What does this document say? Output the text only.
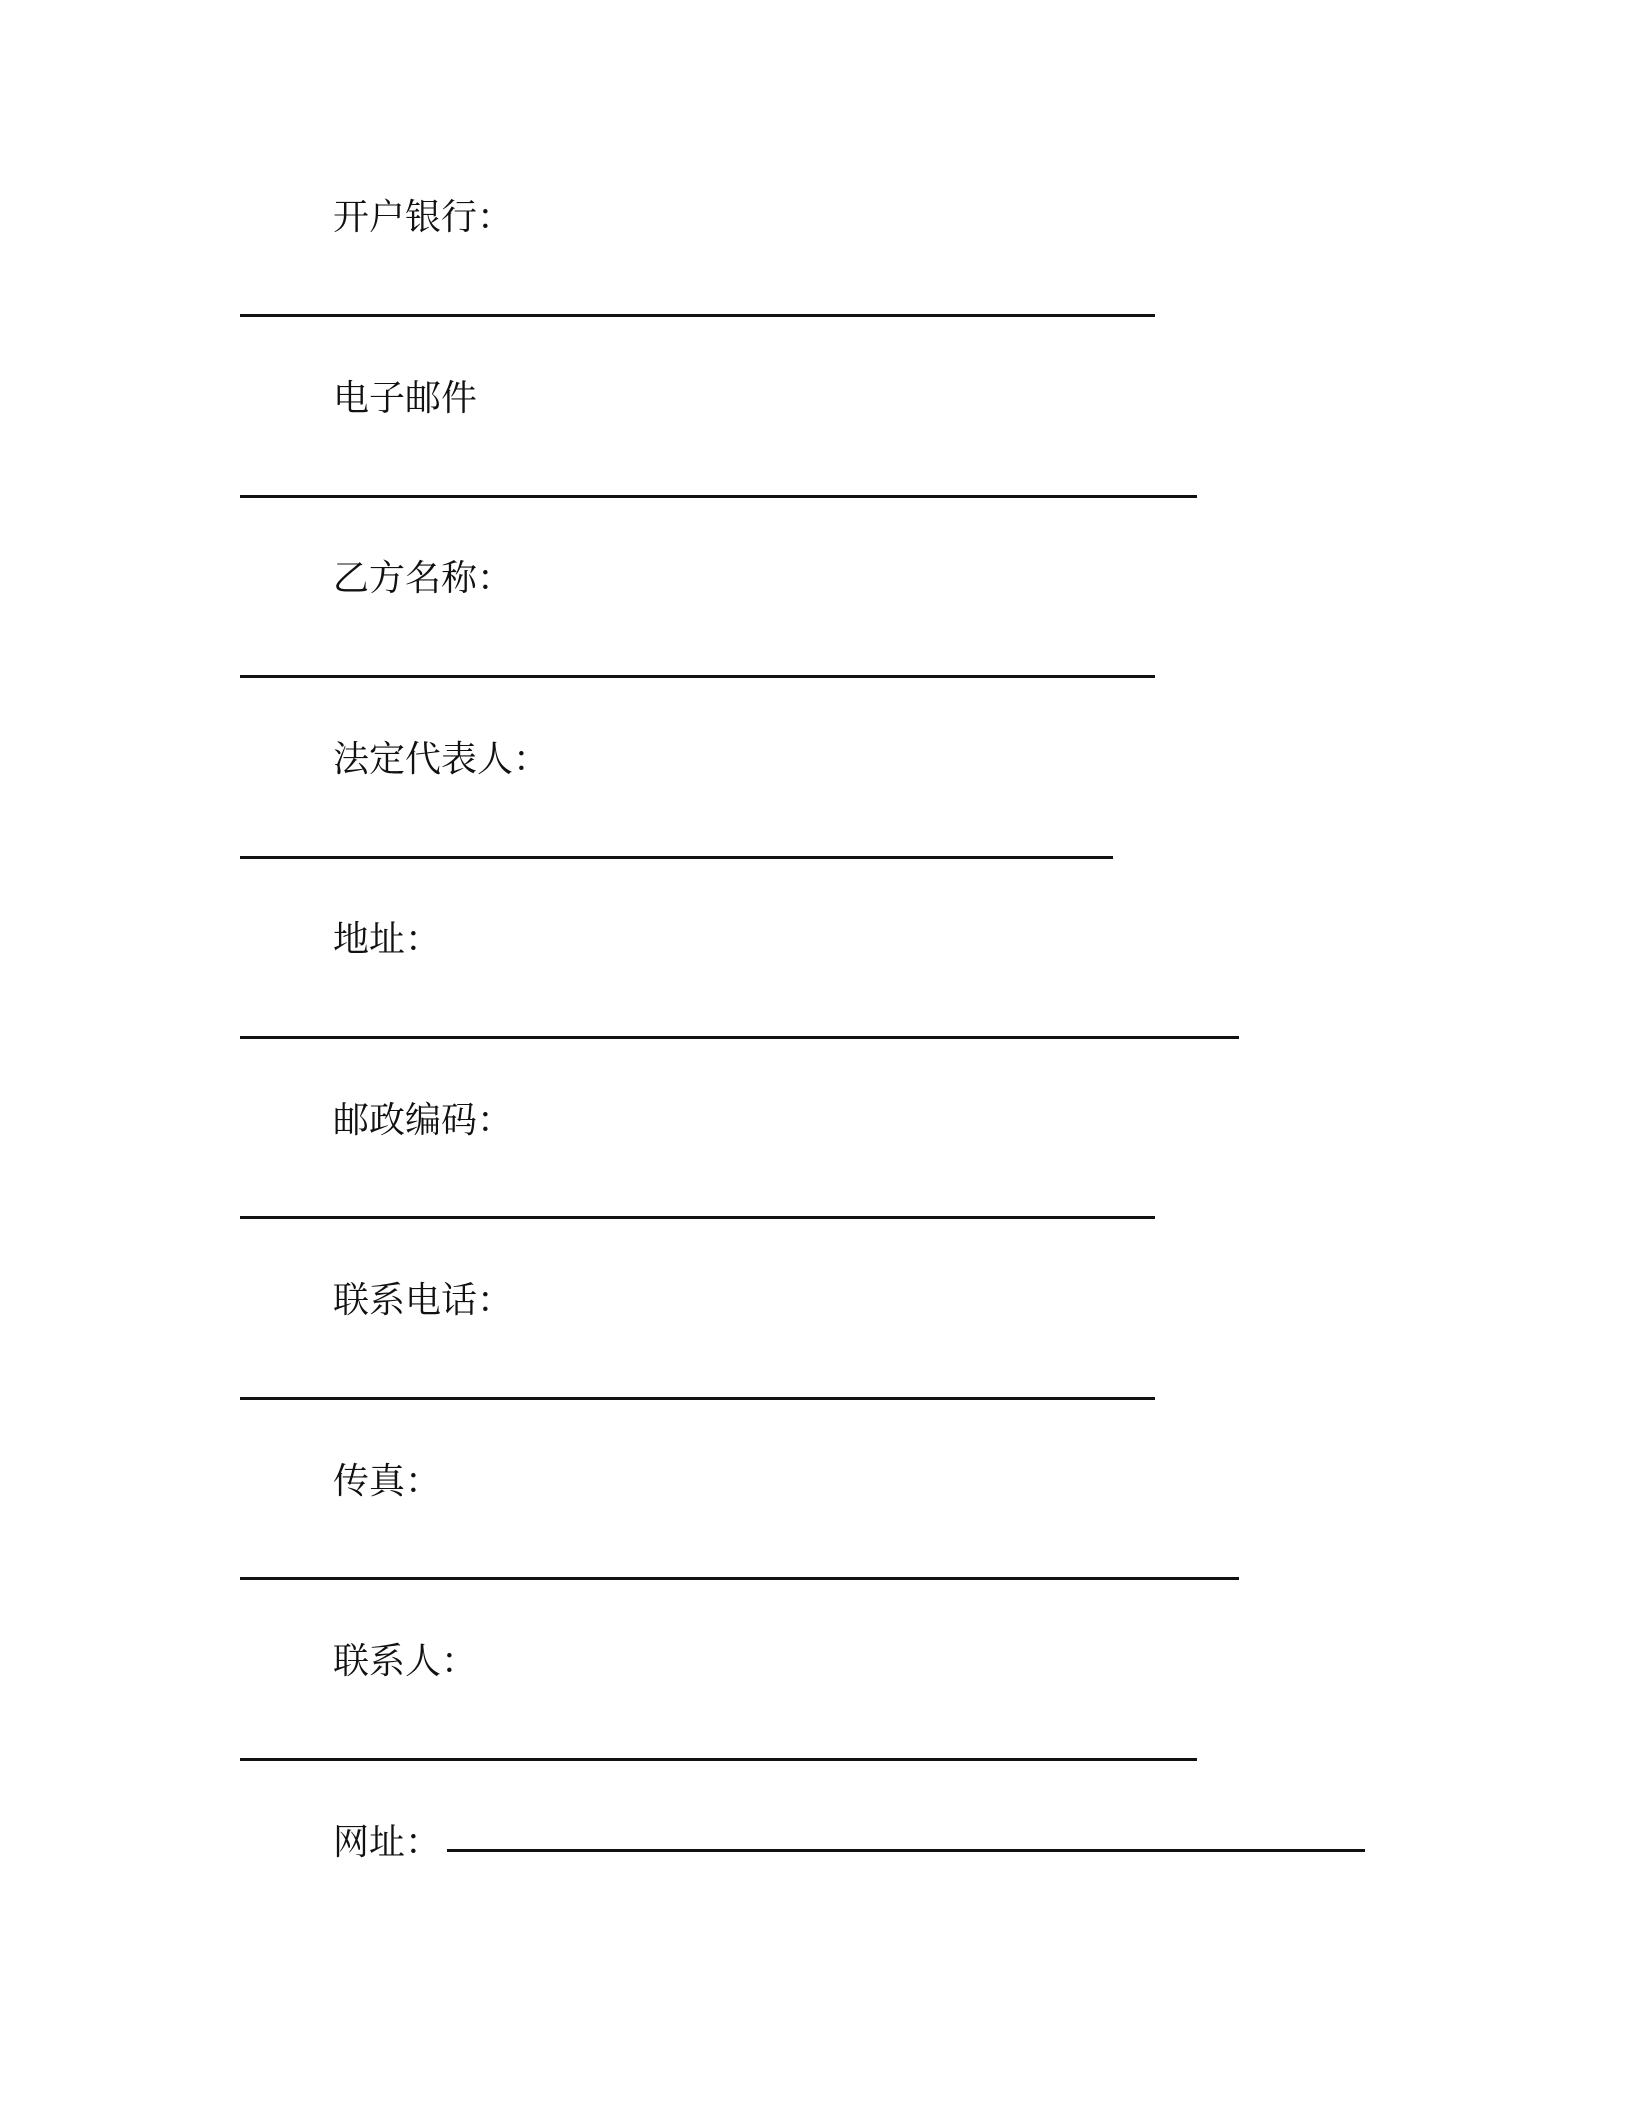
开户银行：
电子邮件
乙方名称：
法定代表人：
地址：
邮政编码：
联系电话：
传真：
联系人：
网址：
